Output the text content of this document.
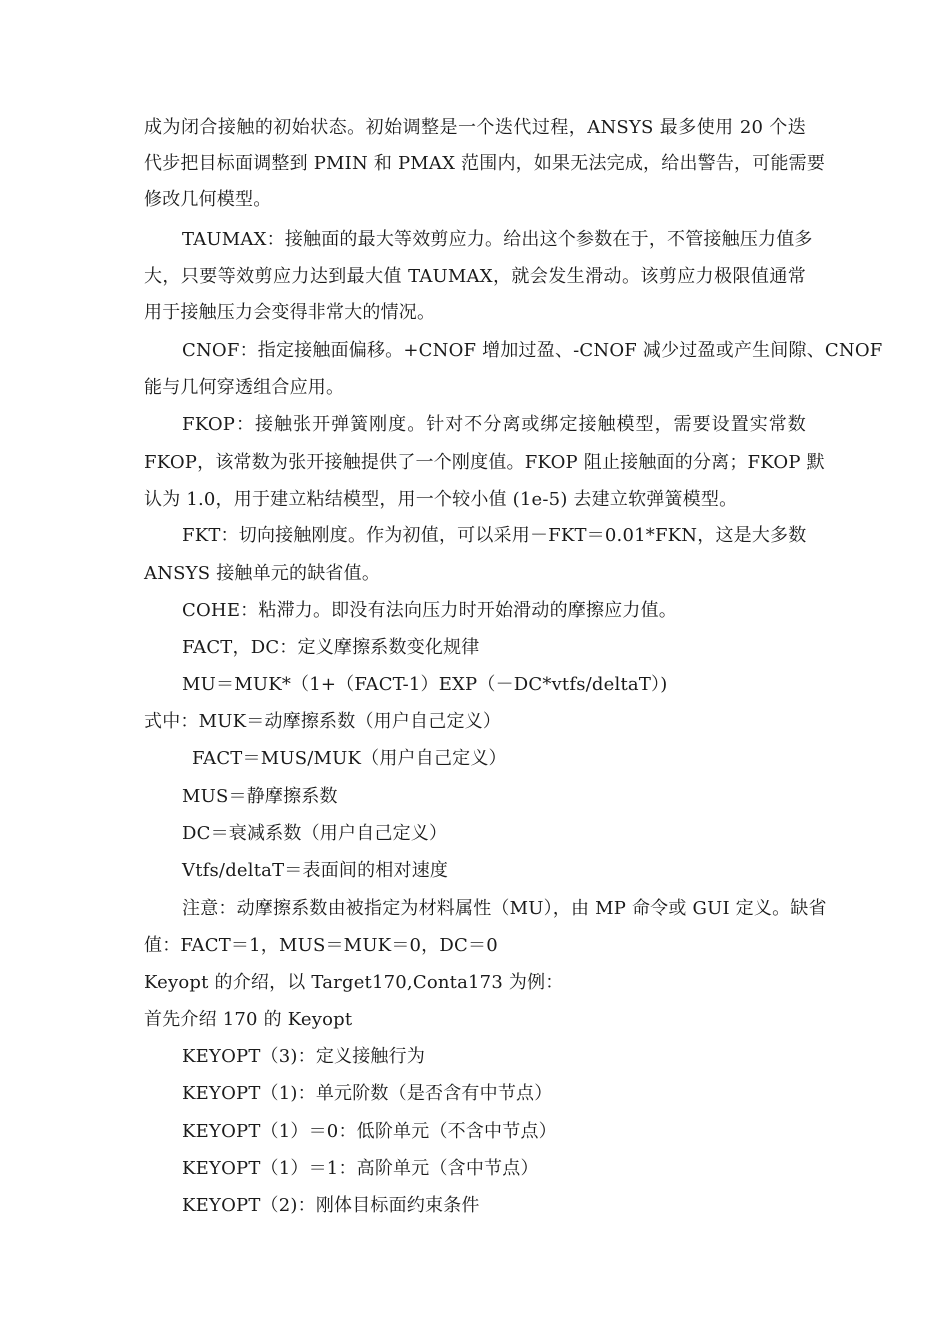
成为闭合接触的初始状态。初始调整是一个迭代过程，ANSYS 最多使用 20 个迭
代步把目标面调整到 PMIN 和 PMAX 范围内，如果无法完成，给出警告，可能需要
修改几何模型。
TAUMAX：接触面的最大等效剪应力。给出这个参数在于，不管接触压力值多
大，只要等效剪应力达到最大值 TAUMAX，就会发生滑动。该剪应力极限值通常
用于接触压力会变得非常大的情况。
CNOF：指定接触面偏移。+CNOF 增加过盈、-CNOF 减少过盈或产生间隙、CNOF
能与几何穿透组合应用。
FKOP：接触张开弹簧刚度。针对不分离或绑定接触模型，需要设置实常数
FKOP，该常数为张开接触提供了一个刚度值。FKOP 阻止接触面的分离；FKOP 默
认为 1.0，用于建立粘结模型，用一个较小值 (1e-5) 去建立软弹簧模型。
FKT：切向接触刚度。作为初值，可以采用－FKT＝0.01*FKN，这是大多数
ANSYS 接触单元的缺省值。
COHE：粘滞力。即没有法向压力时开始滑动的摩擦应力值。
FACT，DC：定义摩擦系数变化规律
MU＝MUK*（1+（FACT-1）EXP（－DC*vtfs/deltaT）)
式中：MUK＝动摩擦系数（用户自己定义）
FACT＝MUS/MUK（用户自己定义）
MUS＝静摩擦系数
DC＝衰减系数（用户自己定义）
Vtfs/deltaT＝表面间的相对速度
注意：动摩擦系数由被指定为材料属性（MU），由 MP 命令或 GUI 定义。缺省
值：FACT＝1，MUS＝MUK＝0，DC＝0
Keyopt 的介绍，以 Target170,Conta173 为例：
首先介绍 170 的 Keyopt
KEYOPT（3)：定义接触行为
KEYOPT（1)：单元阶数（是否含有中节点）
KEYOPT（1）＝0：低阶单元（不含中节点）
KEYOPT（1）＝1：高阶单元（含中节点）
KEYOPT（2)：刚体目标面约束条件
